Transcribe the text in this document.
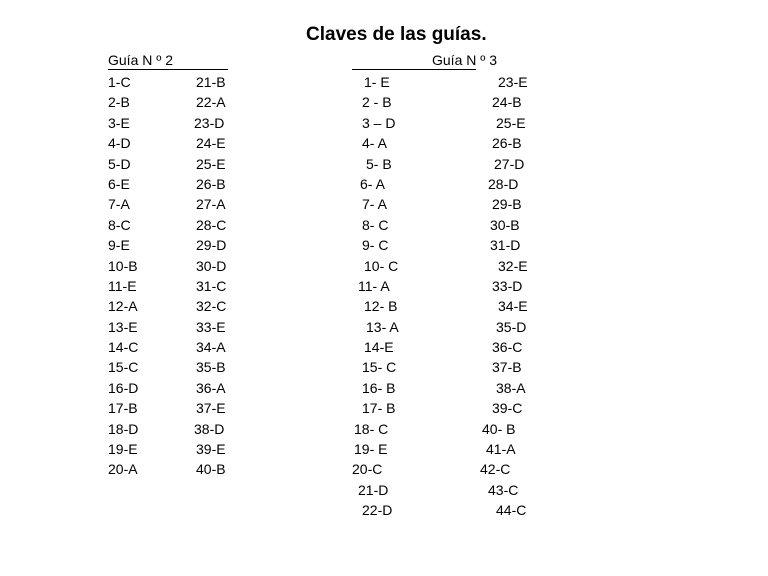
Claves de las guías.
Guía N º 2	Guía N º 3
1-C
2-B
3-E
4-D
5-D
6-E
7-A
8-C
9-E
10-B
11-E
12-A
13-E
14-C
15-C
16-D
17-B
18-D
19-E
20-A
21-B
22-A
23-D
24-E
25-E
26-B
27-A
28-C
29-D
30-D
31-C
32-C
33-E
34-A
35-B
36-A
37-E
38-D
39-E
40-B
1- E
2 - B
3 – D
4- A
5- B
6- A
7- A
8- C
9- C
10- C
11- A
12- B
13- A
14-E
15- C
16- B
17- B
18- C
19- E
20-C
21-D
22-D
23-E
24-B
25-E
26-B
27-D
28-D
29-B
30-B
31-D
32-E
33-D
34-E
35-D
36-C
37-B
38-A
39-C
40- B
41-A
42-C
43-C
44-C
